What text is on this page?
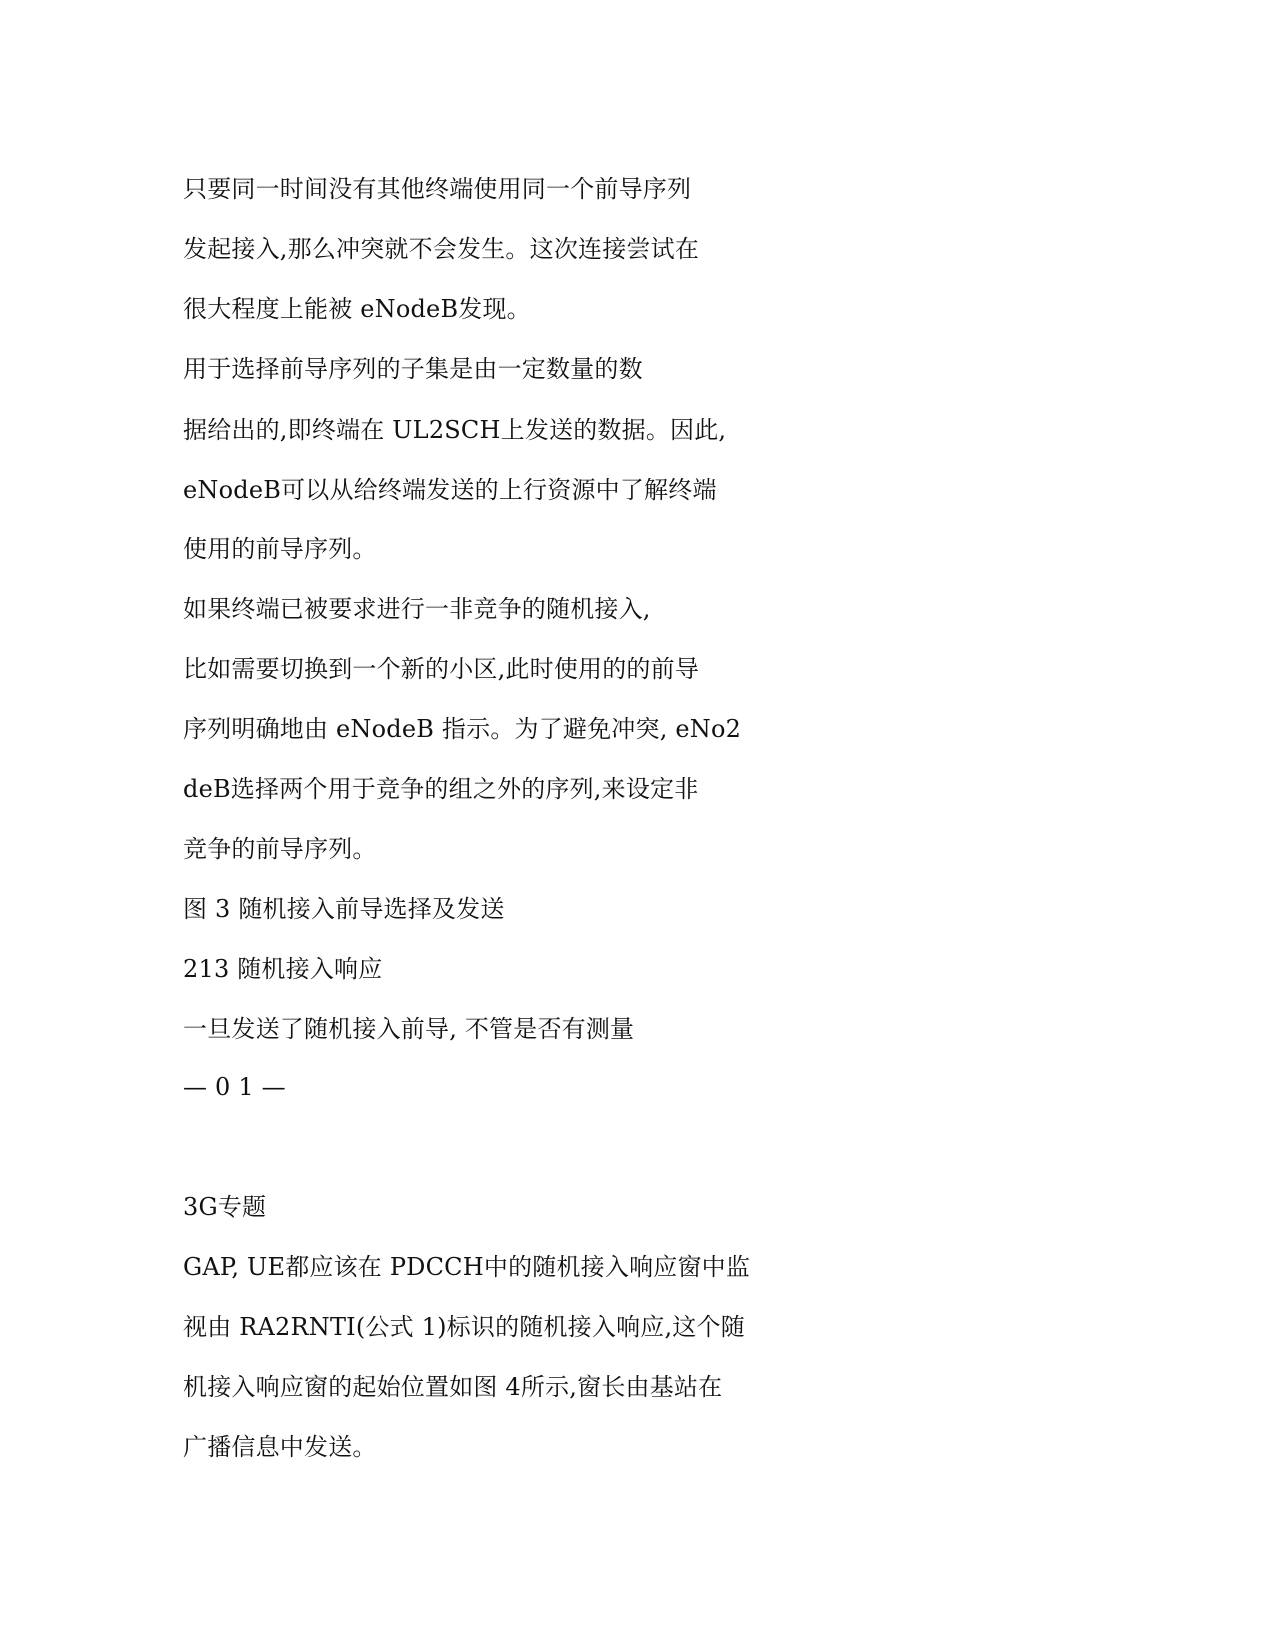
只要同一时间没有其他终端使用同一个前导序列
发起接入,那么冲突就不会发生。这次连接尝试在
很大程度上能被 eNodeB发现。
用于选择前导序列的子集是由一定数量的数
据给出的,即终端在 UL2SCH上发送的数据。因此,
eNodeB可以从给终端发送的上行资源中了解终端
使用的前导序列。
如果终端已被要求进行一非竞争的随机接入,
比如需要切换到一个新的小区,此时使用的的前导
序列明确地由 eNodeB 指示。为了避免冲突, eNo2
deB选择两个用于竞争的组之外的序列,来设定非
竞争的前导序列。
图 3 随机接入前导选择及发送
213 随机接入响应
一旦发送了随机接入前导, 不管是否有测量
— 0 1 —
3G专题
GAP, UE都应该在 PDCCH中的随机接入响应窗中监
视由 RA2RNTI(公式 1)标识的随机接入响应,这个随
机接入响应窗的起始位置如图 4所示,窗长由基站在
广播信息中发送。
